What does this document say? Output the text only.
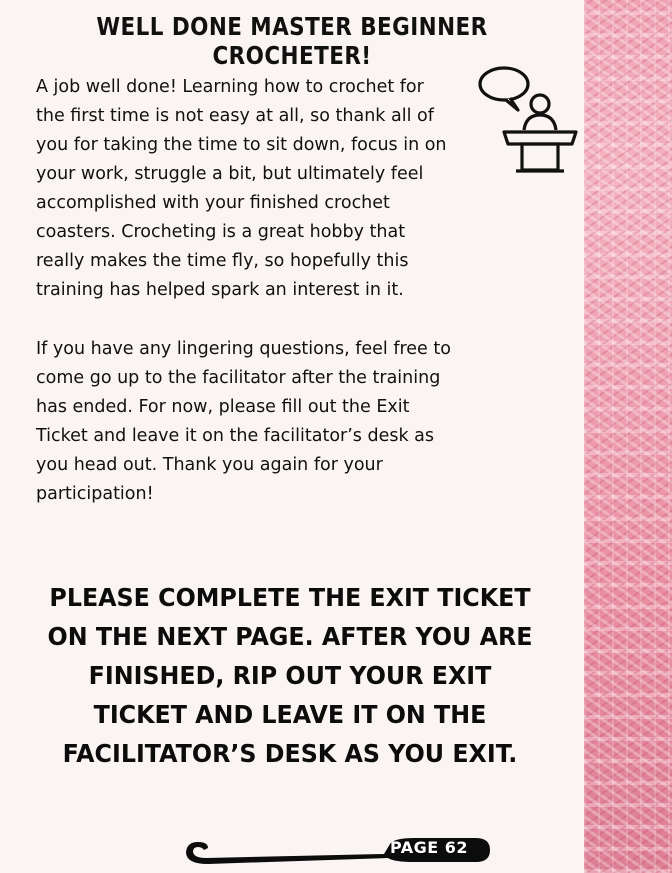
WELL DONE MASTER BEGINNER CROCHETER!

A job well done! Learning how to crochet for
the first time is not easy at all, so thank all of
you for taking the time to sit down, focus in on
your work, struggle a bit, but ultimately feel
accomplished with your finished crochet
coasters. Crocheting is a great hobby that
really makes the time fly, so hopefully this
training has helped spark an interest in it.

If you have any lingering questions, feel free to
come go up to the facilitator after the training
has ended. For now, please fill out the Exit
Ticket and leave it on the facilitator’s desk as
you head out. Thank you again for your
participation!

PLEASE COMPLETE THE EXIT TICKET
ON THE NEXT PAGE. AFTER YOU ARE
FINISHED, RIP OUT YOUR EXIT
TICKET AND LEAVE IT ON THE
FACILITATOR’S DESK AS YOU EXIT.

PAGE 62
